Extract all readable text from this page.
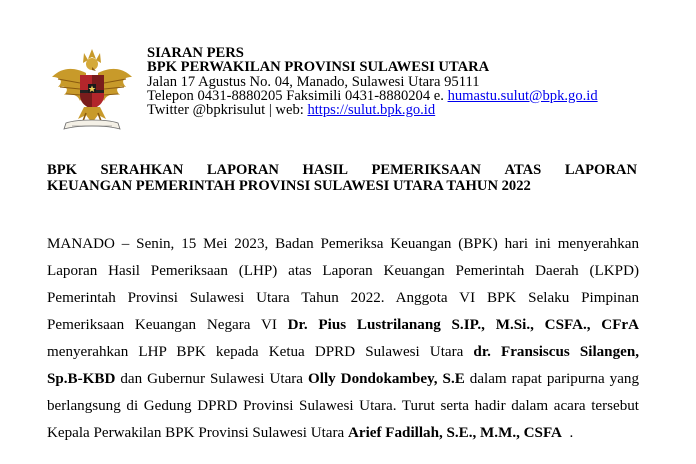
SIARAN PERS
BPK PERWAKILAN PROVINSI SULAWESI UTARA
Jalan 17 Agustus No. 04, Manado, Sulawesi Utara 95111
Telepon 0431-8880205 Faksimili 0431-8880204 e. humastu.sulut@bpk.go.id
Twitter @bpkrisulut | web: https://sulut.bpk.go.id
BPK SERAHKAN LAPORAN HASIL PEMERIKSAAN ATAS LAPORAN
KEUANGAN PEMERINTAH PROVINSI SULAWESI UTARA TAHUN 2022
MANADO – Senin, 15 Mei 2023, Badan Pemeriksa Keuangan (BPK) hari ini menyerahkan
Laporan Hasil Pemeriksaan (LHP) atas Laporan Keuangan Pemerintah Daerah (LKPD)
Pemerintah Provinsi Sulawesi Utara Tahun 2022. Anggota VI BPK Selaku Pimpinan
Pemeriksaan Keuangan Negara VI Dr. Pius Lustrilanang S.IP., M.Si., CSFA., CFrA
menyerahkan LHP BPK kepada Ketua DPRD Sulawesi Utara dr. Fransiscus Silangen,
Sp.B-KBD dan Gubernur Sulawesi Utara Olly Dondokambey, S.E dalam rapat paripurna yang
berlangsung di Gedung DPRD Provinsi Sulawesi Utara. Turut serta hadir dalam acara tersebut
Kepala Perwakilan BPK Provinsi Sulawesi Utara Arief Fadillah, S.E., M.M., CSFA  .
